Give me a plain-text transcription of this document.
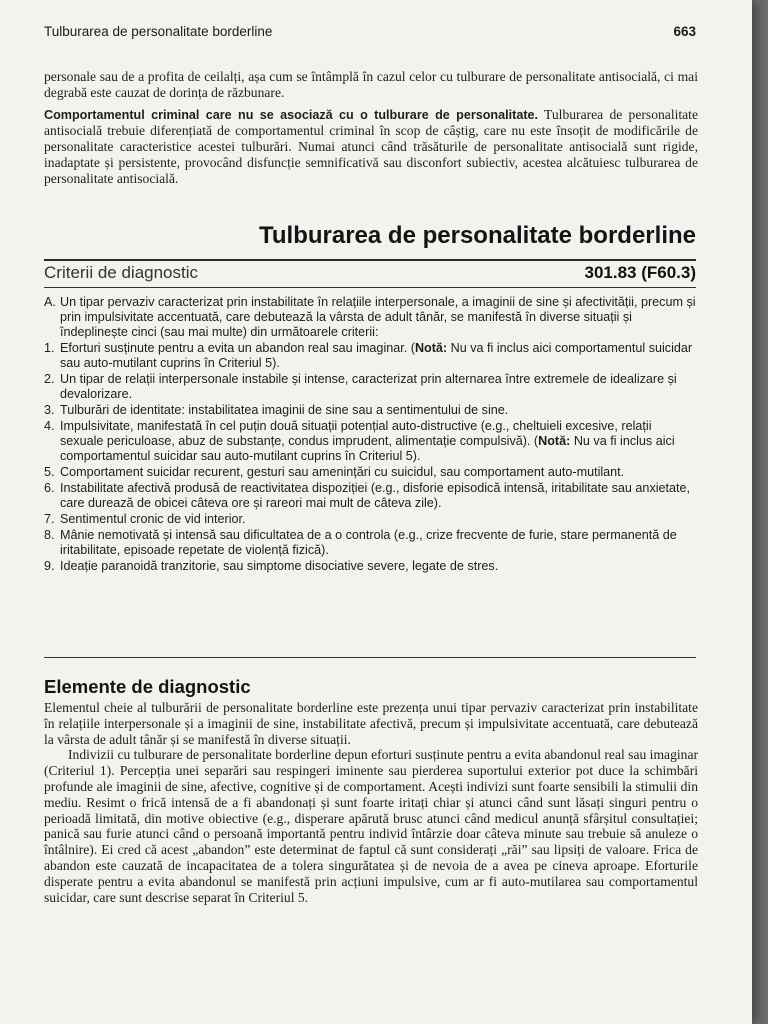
Tulburarea de personalitate borderline	663

personale sau de a profita de ceilalți, așa cum se întâmplă în cazul celor cu tulburare de personalitate antisocială, ci mai degrabă este cauzat de dorința de răzbunare.

Comportamentul criminal care nu se asociază cu o tulburare de personalitate. Tulburarea de personalitate antisocială trebuie diferențiată de comportamentul criminal în scop de câștig, care nu este însoțit de modificările de personalitate caracteristice acestei tulburări. Numai atunci când trăsăturile de personalitate antisocială sunt rigide, inadaptate și persistente, provocând disfuncție semnificativă sau disconfort subiectiv, acestea alcătuiesc tulburarea de personalitate antisocială.

Tulburarea de personalitate borderline
Criterii de diagnostic	301.83 (F60.3)
A. Un tipar pervaziv caracterizat prin instabilitate în relațiile interpersonale, a imaginii de sine și afectivității, precum și prin impulsivitate accentuată, care debutează la vârsta de adult tânăr, se manifestă în diverse situații și îndeplinește cinci (sau mai multe) din următoarele criterii:
1. Eforturi susținute pentru a evita un abandon real sau imaginar. (Notă: Nu va fi inclus aici comportamentul suicidar sau auto-mutilant cuprins în Criteriul 5).
2. Un tipar de relații interpersonale instabile și intense, caracterizat prin alternarea între extremele de idealizare și devalorizare.
3. Tulburări de identitate: instabilitatea imaginii de sine sau a sentimentului de sine.
4. Impulsivitate, manifestată în cel puțin două situații potențial auto-distructive (e.g., cheltuieli excesive, relații sexuale periculoase, abuz de substanțe, condus imprudent, alimentație compulsivă). (Notă: Nu va fi inclus aici comportamentul suicidar sau auto-mutilant cuprins în Criteriul 5).
5. Comportament suicidar recurent, gesturi sau amenințări cu suicidul, sau comportament auto-mutilant.
6. Instabilitate afectivă produsă de reactivitatea dispoziției (e.g., disforie episodică intensă, iritabilitate sau anxietate, care durează de obicei câteva ore și rareori mai mult de câteva zile).
7. Sentimentul cronic de vid interior.
8. Mânie nemotivată și intensă sau dificultatea de a o controla (e.g., crize frecvente de furie, stare permanentă de iritabilitate, episoade repetate de violență fizică).
9. Ideație paranoidă tranzitorie, sau simptome disociative severe, legate de stres.
Elemente de diagnostic

Elementul cheie al tulburării de personalitate borderline este prezența unui tipar pervaziv caracterizat prin instabilitate în relațiile interpersonale și a imaginii de sine, instabilitate afectivă, precum și impulsivitate accentuată, care debutează la vârsta de adult tânăr și se manifestă în diverse situații.

Indivizii cu tulburare de personalitate borderline depun eforturi susținute pentru a evita abandonul real sau imaginar (Criteriul 1). Percepția unei separări sau respingeri iminente sau pierderea suportului exterior pot duce la schimbări profunde ale imaginii de sine, afective, cognitive și de comportament. Acești indivizi sunt foarte sensibili la stimulii din mediu. Resimt o frică intensă de a fi abandonați și sunt foarte iritați chiar și atunci când sunt lăsați singuri pentru o perioadă limitată, din motive obiective (e.g., disperare apărută brusc atunci când medicul anunță sfârșitul consultației; panică sau furie atunci când o persoană importantă pentru individ întârzie doar câteva minute sau trebuie să anuleze o întâlnire). Ei cred că acest „abandon” este determinat de faptul că sunt considerați „răi” sau lipsiți de valoare. Frica de abandon este cauzată de incapacitatea de a tolera singurătatea și de nevoia de a avea pe cineva aproape. Eforturile disperate pentru a evita abandonul se manifestă prin acțiuni impulsive, cum ar fi auto-mutilarea sau comportamentul suicidar, care sunt descrise separat în Criteriul 5.
